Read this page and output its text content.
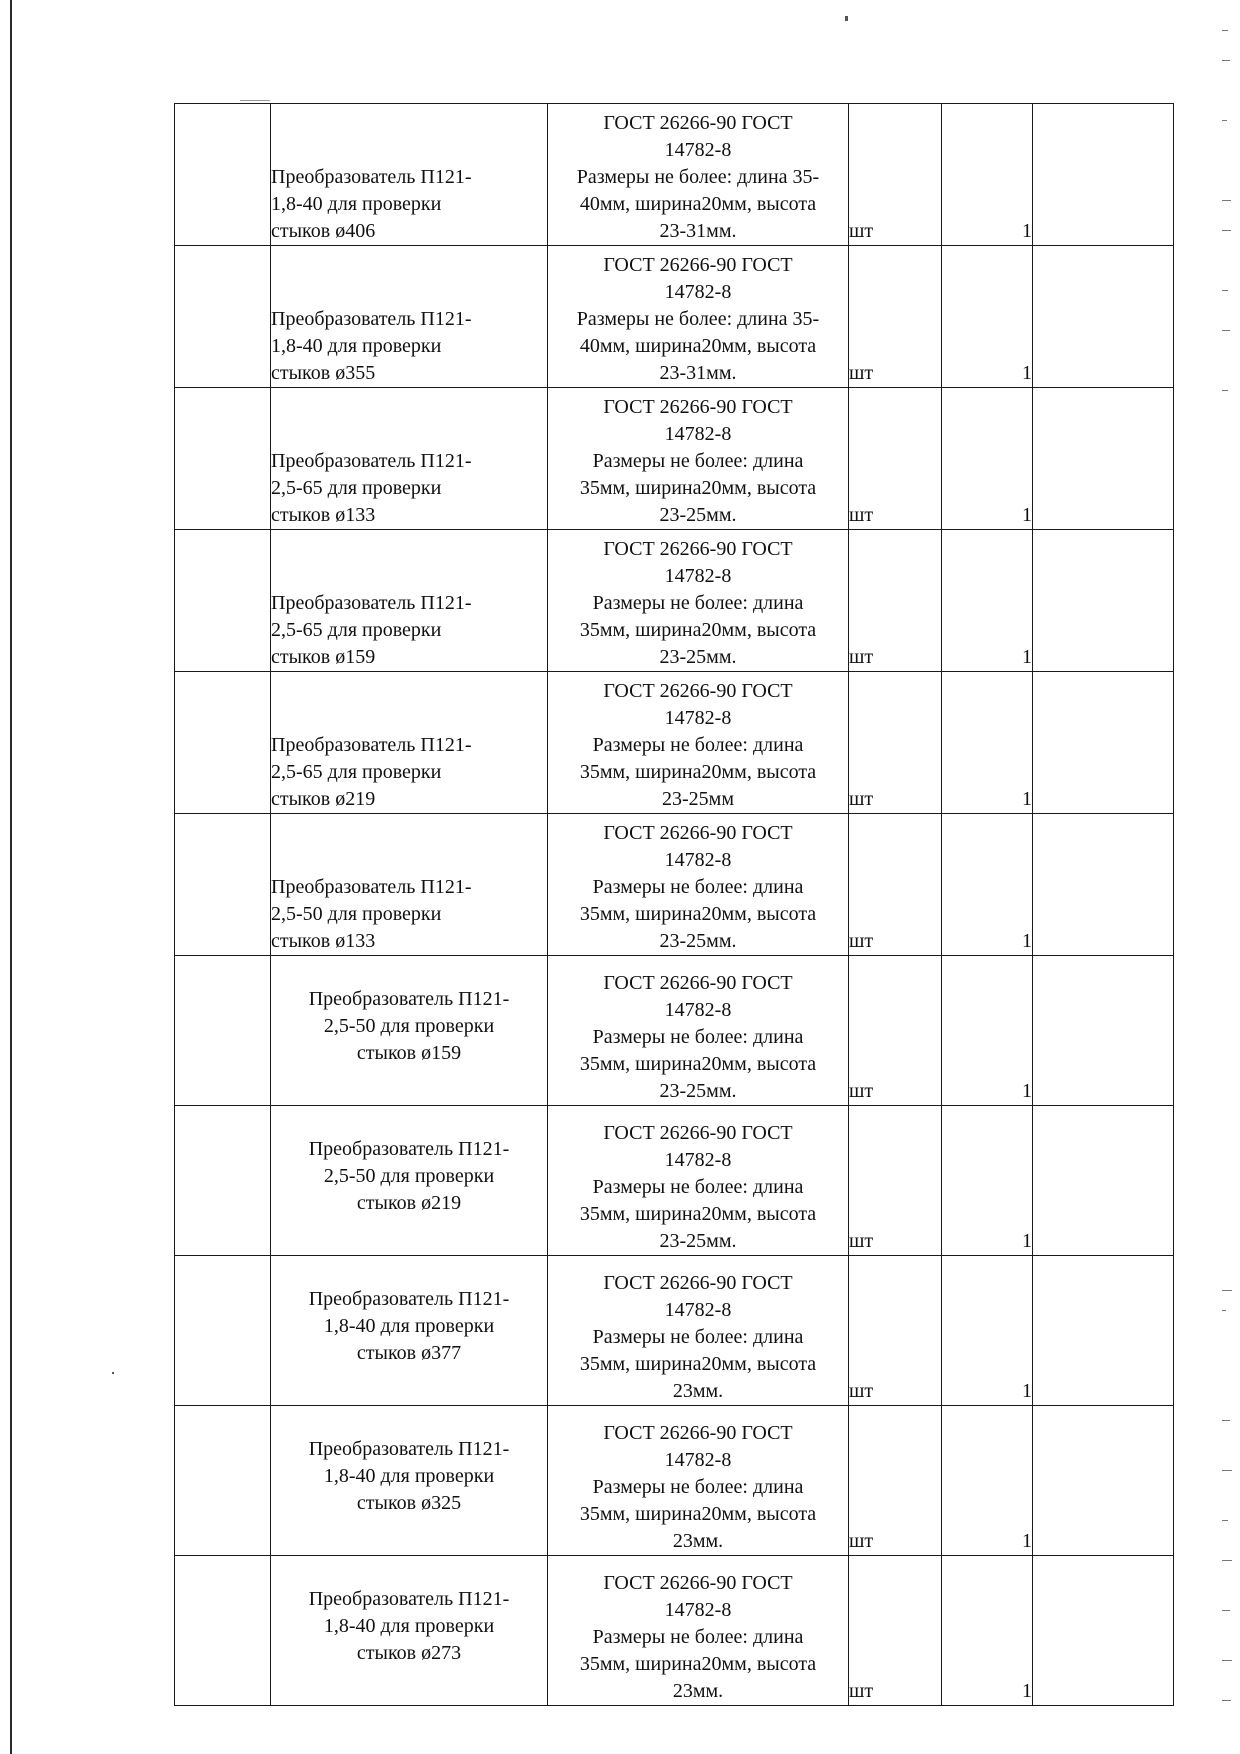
	Преобразователь П121-
1,8-40 для проверки
стыков ø406	ГОСТ 26266-90 ГОСТ
14782-8
Размеры не более: длина 35-
40мм, ширина20мм, высота
23-31мм.	шт	1	

	Преобразователь П121-
1,8-40 для проверки
стыков ø355	ГОСТ 26266-90 ГОСТ
14782-8
Размеры не более: длина 35-
40мм, ширина20мм, высота
23-31мм.	шт	1	

	Преобразователь П121-
2,5-65 для проверки
стыков ø133	ГОСТ 26266-90 ГОСТ
14782-8
Размеры не более: длина
35мм, ширина20мм, высота
23-25мм.	шт	1	

	Преобразователь П121-
2,5-65 для проверки
стыков ø159	ГОСТ 26266-90 ГОСТ
14782-8
Размеры не более: длина
35мм, ширина20мм, высота
23-25мм.	шт	1	

	Преобразователь П121-
2,5-65 для проверки
стыков ø219	ГОСТ 26266-90 ГОСТ
14782-8
Размеры не более: длина
35мм, ширина20мм, высота
23-25мм	шт	1	

	Преобразователь П121-
2,5-50 для проверки
стыков ø133	ГОСТ 26266-90 ГОСТ
14782-8
Размеры не более: длина
35мм, ширина20мм, высота
23-25мм.	шт	1	

	Преобразователь П121-
2,5-50 для проверки
стыков ø159	ГОСТ 26266-90 ГОСТ
14782-8
Размеры не более: длина
35мм, ширина20мм, высота
23-25мм.	шт	1	

	Преобразователь П121-
2,5-50 для проверки
стыков ø219	ГОСТ 26266-90 ГОСТ
14782-8
Размеры не более: длина
35мм, ширина20мм, высота
23-25мм.	шт	1	

	Преобразователь П121-
1,8-40 для проверки
стыков ø377	ГОСТ 26266-90 ГОСТ
14782-8
Размеры не более: длина
35мм, ширина20мм, высота
23мм.	шт	1	

	Преобразователь П121-
1,8-40 для проверки
стыков ø325	ГОСТ 26266-90 ГОСТ
14782-8
Размеры не более: длина
35мм, ширина20мм, высота
23мм.	шт	1	

	Преобразователь П121-
1,8-40 для проверки
стыков ø273	ГОСТ 26266-90 ГОСТ
14782-8
Размеры не более: длина
35мм, ширина20мм, высота
23мм.	шт	1	
